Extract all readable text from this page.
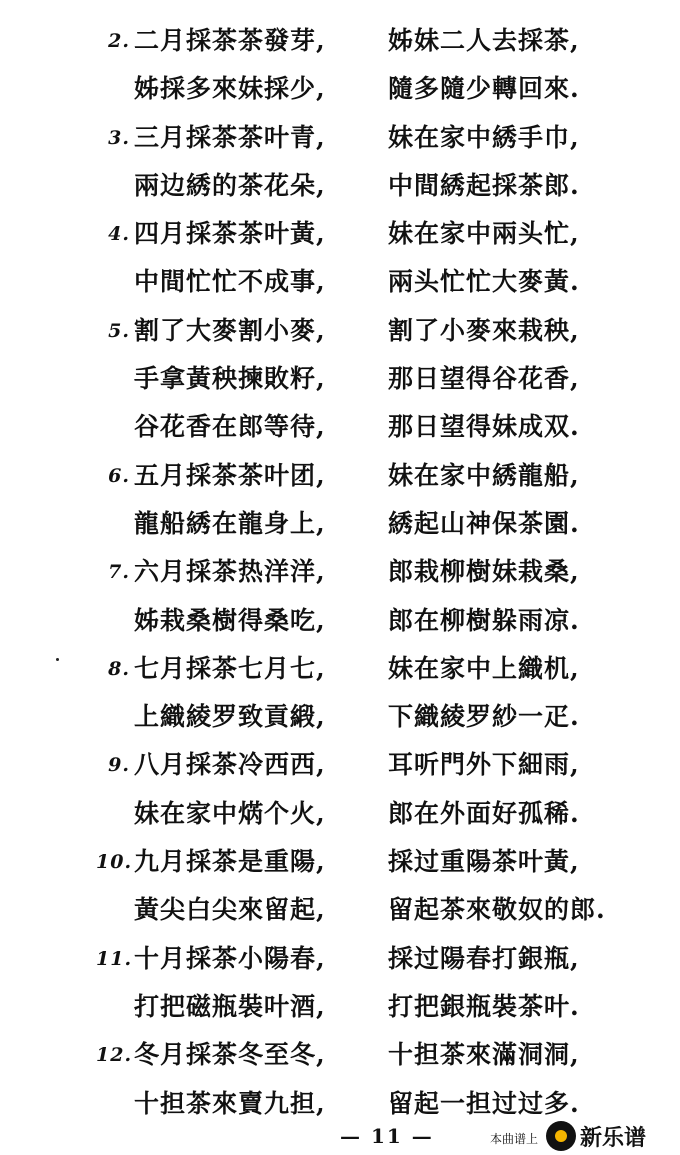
2. 二月採茶茶發芽, 姊妹二人去採茶,
姊採多來妹採少, 隨多隨少轉回來.
3. 三月採茶茶叶青, 妹在家中綉手巾,
兩边綉的茶花朵, 中間綉起採茶郎.
4. 四月採茶茶叶黃, 妹在家中兩头忙,
中間忙忙不成事, 兩头忙忙大麥黃.
5. 割了大麥割小麥, 割了小麥來栽秧,
手拿黃秧揀敗籽, 那日望得谷花香,
谷花香在郎等待, 那日望得妹成双.
6. 五月採茶茶叶团, 妹在家中綉龍船,
龍船綉在龍身上, 綉起山神保茶園.
7. 六月採茶热洋洋, 郎栽柳樹妹栽桑,
姊栽桑樹得桑吃, 郎在柳樹躲雨凉.
8. 七月採茶七月七, 妹在家中上織机,
上織綾罗致貢緞, 下織綾罗紗一疋.
9. 八月採茶冷西西, 耳听門外下細雨,
妹在家中焫个火, 郎在外面好孤稀.
10. 九月採茶是重陽, 採过重陽茶叶黃,
黃尖白尖來留起, 留起茶來敬奴的郎.
11. 十月採茶小陽春, 採过陽春打銀瓶,
打把磁瓶裝叶酒, 打把銀瓶裝茶叶.
12. 冬月採茶冬至冬, 十担茶來滿洞洞,
十担茶來賣九担, 留起一担过过多.
— 11 —	本曲谱上 新乐谱
